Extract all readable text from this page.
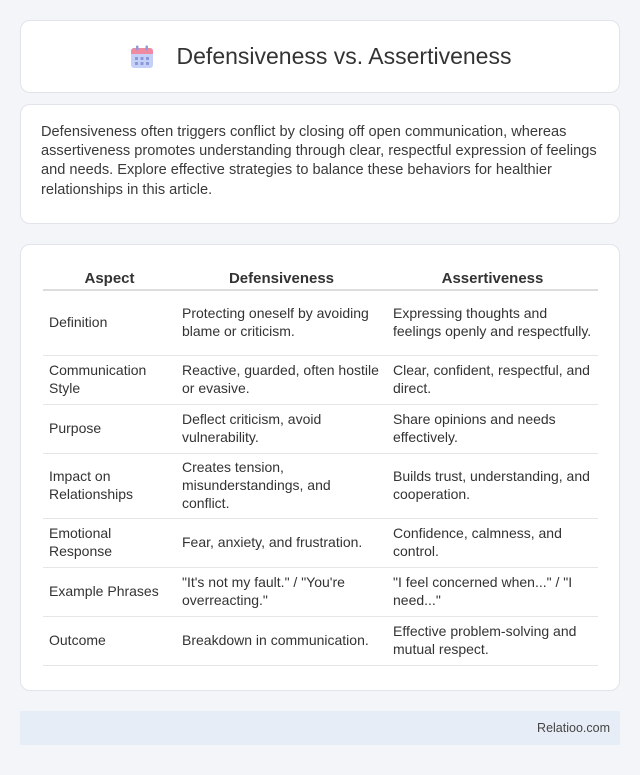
Defensiveness vs. Assertiveness

Defensiveness often triggers conflict by closing off open communication, whereas assertiveness promotes understanding through clear, respectful expression of feelings and needs. Explore effective strategies to balance these behaviors for healthier relationships in this article.

Aspect	Defensiveness	Assertiveness
Definition	Protecting oneself by avoiding blame or criticism.	Expressing thoughts and feelings openly and respectfully.
Communication Style	Reactive, guarded, often hostile or evasive.	Clear, confident, respectful, and direct.
Purpose	Deflect criticism, avoid vulnerability.	Share opinions and needs effectively.
Impact on Relationships	Creates tension, misunderstandings, and conflict.	Builds trust, understanding, and cooperation.
Emotional Response	Fear, anxiety, and frustration.	Confidence, calmness, and control.
Example Phrases	"It's not my fault." / "You're overreacting."	"I feel concerned when..." / "I need..."
Outcome	Breakdown in communication.	Effective problem-solving and mutual respect.
Relatioo.com
